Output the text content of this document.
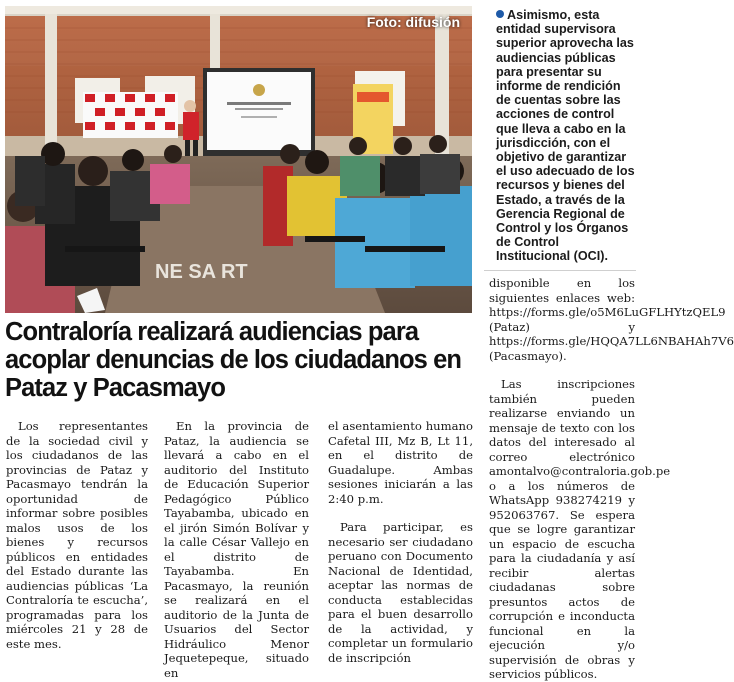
NE SA RT
Foto: difusión	Asimismo, esta entidad supervisora superior aprovecha las audiencias públicas para presentar su informe de rendición de cuentas sobre las acciones de control que lleva a cabo en la jurisdicción, con el objetivo de garantizar el uso adecuado de los recursos y bienes del Estado, a través de la Gerencia Regional de Control y los Órganos de Control Institucional (OCI).
Contraloría realizará audiencias para acoplar denuncias de los ciudadanos en Pataz y Pacasmayo

Los representantes de la sociedad civil y los ciudadanos de las provincias de Pataz y Pacasmayo tendrán la oportunidad de informar sobre posibles malos usos de los bienes y recursos públicos en entidades del Estado durante las audiencias públicas ‘La Contraloría te escucha’, programadas para los miércoles 21 y 28 de este mes.

En la provincia de Pataz, la audiencia se llevará a cabo en el auditorio del Instituto de Educación Superior Pedagógico Público Tayabamba, ubicado en el jirón Simón Bolívar y la calle César Vallejo en el distrito de Tayabamba. En Pacasmayo, la reunión se realizará en el auditorio de la Junta de Usuarios del Sector Hidráulico Menor Jequetepeque, situado en

el asentamiento humano Cafetal III, Mz B, Lt 11, en el distrito de Guadalupe. Ambas sesiones iniciarán a las 2:40 p.m.

Para participar, es necesario ser ciudadano peruano con Documento Nacional de Identidad, aceptar las normas de conducta establecidas para el buen desarrollo de la actividad, y completar un formulario de inscripción

disponible en los siguientes enlaces web: https://forms.gle/o5M6LuGFLHYtzQEL9 (Pataz) y https://forms.gle/HQQA7LL6NBAHAh7V6 (Pacasmayo).

Las inscripciones también pueden realizarse enviando un mensaje de texto con los datos del interesado al correo electrónico amontalvo@contraloria.gob.pe o a los números de WhatsApp 938274219 y 952063767. Se espera que se logre garantizar un espacio de escucha para la ciudadanía y así recibir alertas ciudadanas sobre presuntos actos de corrupción e inconducta funcional en la ejecución y/o supervisión de obras y servicios públicos.
